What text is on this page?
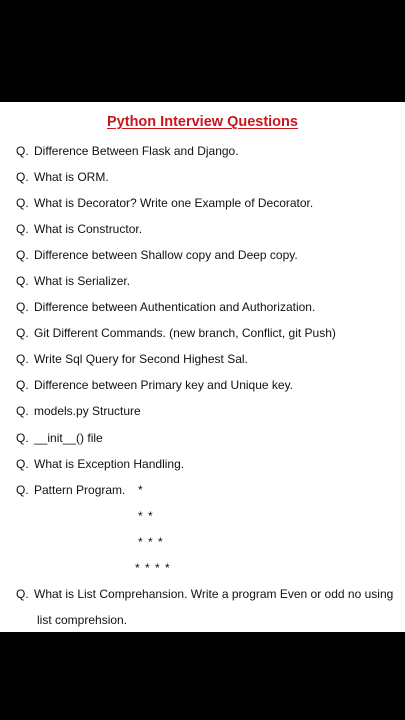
Python Interview Questions
Q. Difference Between Flask and Django.
Q. What is ORM.
Q. What is Decorator? Write one Example of Decorator.
Q. What is Constructor.
Q. Difference between Shallow copy and Deep copy.
Q. What is Serializer.
Q. Difference between Authentication and Authorization.
Q. Git Different Commands. (new branch, Conflict, git Push)
Q. Write Sql Query for Second Highest Sal.
Q. Difference between Primary key and Unique key.
Q. models.py Structure
Q. __init__() file
Q. What is Exception Handling.
Q. Pattern Program.	*
* *
* * *
* * * *
Q. What is List Comprehansion. Write a program Even or odd no using
list comprehsion.
